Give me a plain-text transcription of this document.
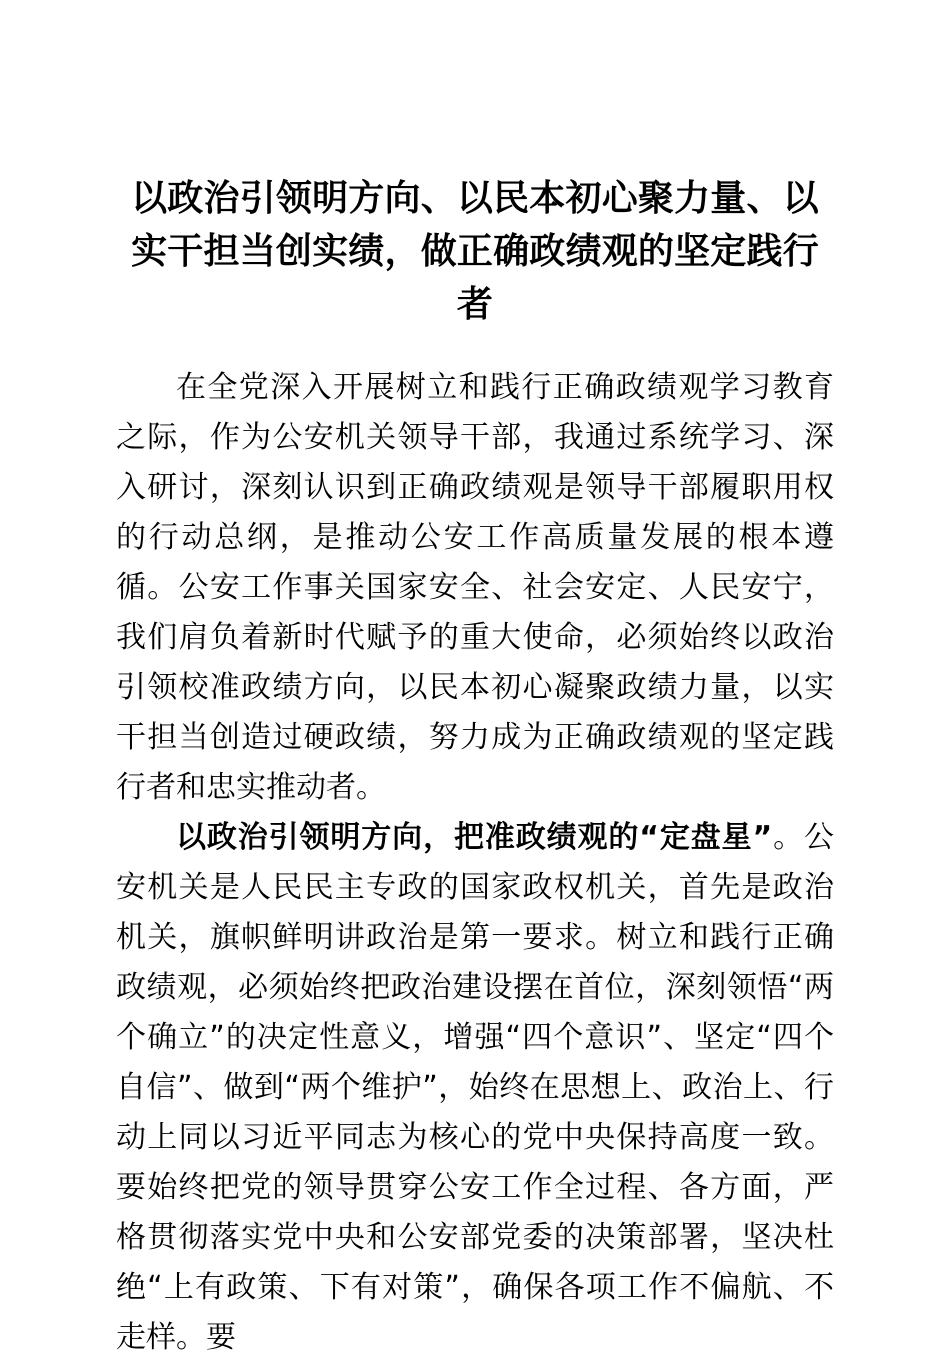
以政治引领明方向、以民本初心聚力量、以实干担当创实绩，做正确政绩观的坚定践行者

在全党深入开展树立和践行正确政绩观学习教育之际，作为公安机关领导干部，我通过系统学习、深入研讨，深刻认识到正确政绩观是领导干部履职用权的行动总纲，是推动公安工作高质量发展的根本遵循。公安工作事关国家安全、社会安定、人民安宁，我们肩负着新时代赋予的重大使命，必须始终以政治引领校准政绩方向，以民本初心凝聚政绩力量，以实干担当创造过硬政绩，努力成为正确政绩观的坚定践行者和忠实推动者。

以政治引领明方向，把准政绩观的“定盘星”。公安机关是人民民主专政的国家政权机关，首先是政治机关，旗帜鲜明讲政治是第一要求。树立和践行正确政绩观，必须始终把政治建设摆在首位，深刻领悟“两个确立”的决定性意义，增强“四个意识”、坚定“四个自信”、做到“两个维护”，始终在思想上、政治上、行动上同以习近平同志为核心的党中央保持高度一致。要始终把党的领导贯穿公安工作全过程、各方面，严格贯彻落实党中央和公安部党委的决策部署，坚决杜绝“上有政策、下有对策”，确保各项工作不偏航、不走样。要
